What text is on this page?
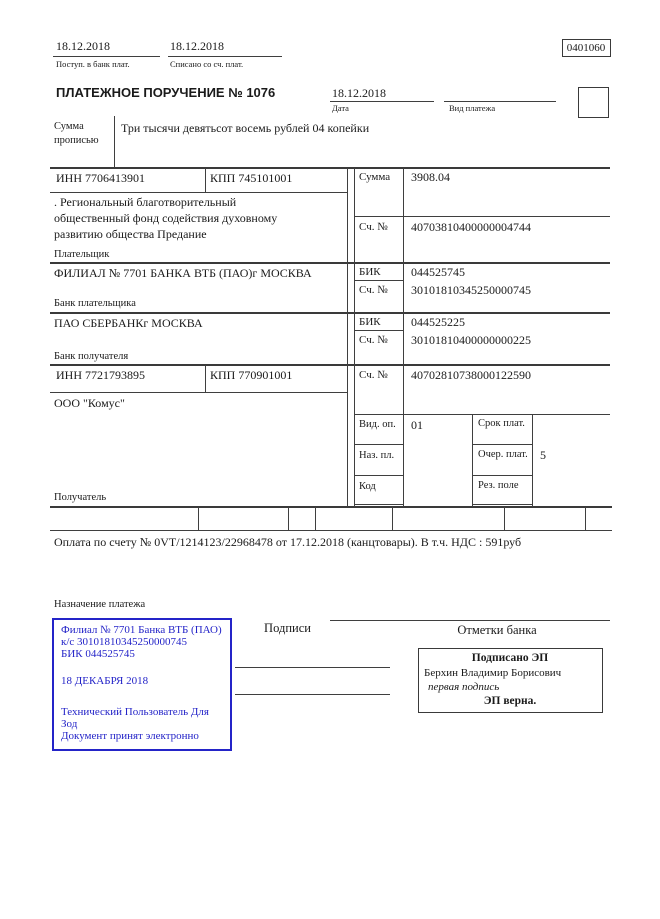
18.12.2018
Поступ. в банк плат.
18.12.2018
Списано со сч. плат.
0401060
ПЛАТЕЖНОЕ ПОРУЧЕНИЕ № 1076	18.12.2018
Дата	Вид платежа
Сумма
прописью
Три тысячи девятьсот восемь рублей 04 копейки
ИНН 7706413901	КПП 745101001
. Региональный благотворительный
общественный фонд содействия духовному
развитию общества Предание
Плательщик
ФИЛИАЛ № 7701 БАНКА ВТБ (ПАО)г МОСКВА
Банк плательщика
ПАО СБЕРБАНКг МОСКВА
Банк получателя
ИНН 7721793895	КПП 770901001
ООО "Комус"
Получатель
Сумма 3908.04
Сч. № 40703810400000004744
БИК	044525745
Сч. № 30101810345250000745
БИК	044525225
Сч. № 30101810400000000225
Сч. № 40702810738000122590
Вид. оп. 01	Срок плат.
Наз. пл.	Очер. плат. 5
Код	Рез. поле
Оплата по счету № 0VT/1214123/22968478 от 17.12.2018 (канцтовары). В т.ч. НДС : 591руб
Назначение платежа

Филиал № 7701 Банка ВТБ (ПАО)

к/с 30101810345250000745

БИК 044525745

18 ДЕКАБРЯ 2018

Технический Пользователь Для

Зод

Документ принят электронно

Подписи	Отметки банка
Подписано ЭП
Берхин Владимир Борисович
первая подпись
ЭП верна.
